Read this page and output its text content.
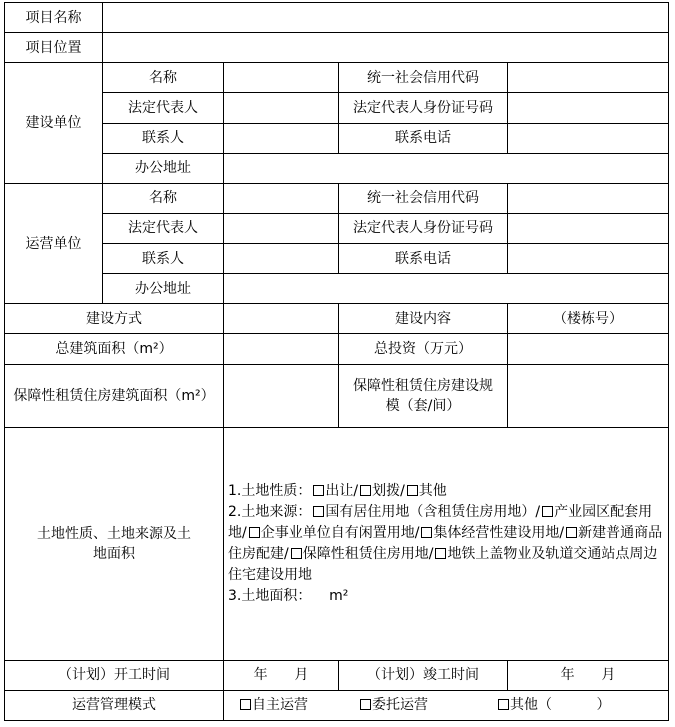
项目名称				
项目位置				
建设单位	名称		统一社会信用代码	
	法定代表人		法定代表人身份证号码	
	联系人		联系电话	
	办公地址			
运营单位	名称		统一社会信用代码	
	法定代表人		法定代表人身份证号码	
	联系人		联系电话	
	办公地址			
建设方式			建设内容	（楼栋号）
总建筑面积（m²）			总投资（万元）	
保障性租赁住房建筑面积（m²）			保障性租赁住房建设规模（套/间）	
土地性质、土地来源及土地面积		1.土地性质： 出让/ 划拨/ 其他
2.土地来源： 国有居住用地（含租赁住房用地）/ 产业园区配套用地/ 企事业单位自有闲置用地/ 集体经营性建设用地/ 新建普通商品住房配建/ 保障性租赁住房用地/ 地铁上盖物业及轨道交通站点周边住宅建设用地
3.土地面积：    m²		

（计划）开工时间		年      月	（计划）竣工时间	年      月
运营管理模式		自主运营 委托运营 其他（          ）		
